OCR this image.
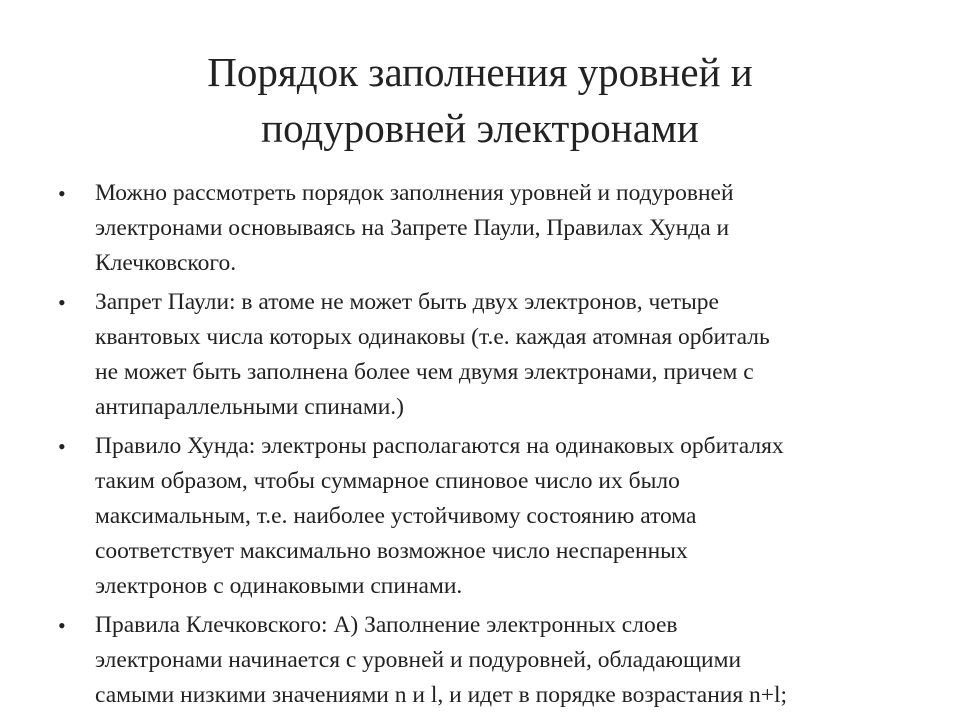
Порядок заполнения уровней и
подуровней электронами
• Можно рассмотреть порядок заполнения уровней и подуровней
электронами основываясь на Запрете Паули, Правилах Хунда и
Клечковского.
• Запрет Паули: в атоме не может быть двух электронов, четыре
квантовых числа которых одинаковы (т.е. каждая атомная орбиталь
не может быть заполнена более чем двумя электронами, причем с
антипараллельными спинами.)
• Правило Хунда: электроны располагаются на одинаковых орбиталях
таким образом, чтобы суммарное спиновое число их было
максимальным, т.е. наиболее устойчивому состоянию атома
соответствует максимально возможное число неспаренных
электронов с одинаковыми спинами.
• Правила Клечковского: А) Заполнение электронных слоев
электронами начинается с уровней и подуровней, обладающими
самыми низкими значениями n и l, и идет в порядке возрастания n+l;
